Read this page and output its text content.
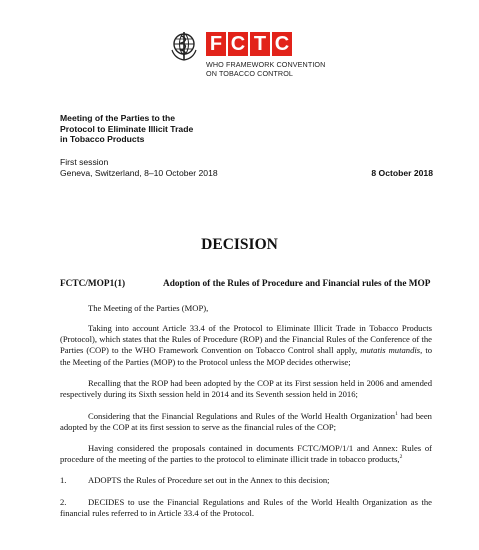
F C T C
WHO FRAMEWORK CONVENTION
ON TOBACCO CONTROL
Meeting of the Parties to the
Protocol to Eliminate Illicit Trade
in Tobacco Products
First session
Geneva, Switzerland, 8–10 October 2018	8 October 2018
DECISION
FCTC/MOP1(1)	Adoption of the Rules of Procedure and Financial rules of the MOP
The Meeting of the Parties (MOP),
Taking into account Article 33.4 of the Protocol to Eliminate Illicit Trade in Tobacco Products (Protocol), which states that the Rules of Procedure (ROP) and the Financial Rules of the Conference of the Parties (COP) to the WHO Framework Convention on Tobacco Control shall apply, mutatis mutandis, to the Meeting of the Parties (MOP) to the Protocol unless the MOP decides otherwise;
Recalling that the ROP had been adopted by the COP at its First session held in 2006 and amended respectively during its Sixth session held in 2014 and its Seventh session held in 2016;
Considering that the Financial Regulations and Rules of the World Health Organization$^1$ had been adopted by the COP at its first session to serve as the financial rules of the COP;
Having considered the proposals contained in documents FCTC/MOP/1/1 and Annex: Rules of procedure of the meeting of the parties to the protocol to eliminate illicit trade in tobacco products,$^2$
1.	ADOPTS the Rules of Procedure set out in the Annex to this decision;
2.	DECIDES to use the Financial Regulations and Rules of the World Health Organization as the financial rules referred to in Article 33.4 of the Protocol.
